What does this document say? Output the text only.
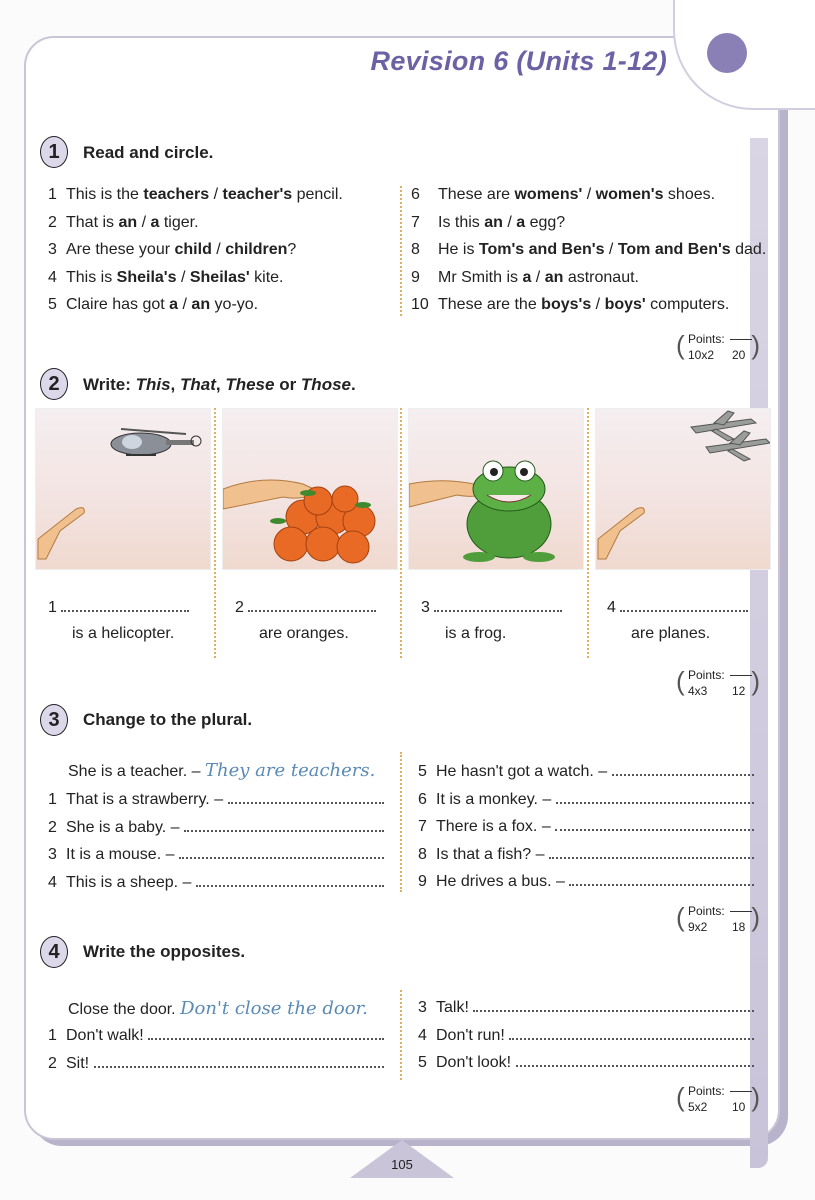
Revision 6 (Units 1-12)
1	Read and circle.
1 This is the teachers / teacher's pencil.
2 That is an / a tiger.
3 Are these your child / children?
4 This is Sheila's / Sheilas' kite.
5 Claire has got a / an yo-yo.
6 These are womens' / women's shoes.
7 Is this an / a egg?
8 He is Tom's and Ben's / Tom and Ben's dad.
9 Mr Smith is a / an astronaut.
10 These are the boys's / boys' computers.
(	)
Points:
10x2 20
2	Write: This, That, These or Those.
1
is a helicopter.
2
are oranges.
3
is a frog.
4
are planes.
(	)
Points:
4x3 12
3	Change to the plural.
She is a teacher. – They are teachers.
1 That is a strawberry. –
2 She is a baby. –
3 It is a mouse. –
4 This is a sheep. –
5 He hasn't got a watch. –
6 It is a monkey. –
7 There is a fox. –
8 Is that a fish? –
9 He drives a bus. –
(	)
Points:
9x2 18
4	Write the opposites.
Close the door. Don't close the door.
1 Don't walk!
2 Sit!
3 Talk!
4 Don't run!
5 Don't look!
(	)
Points:
5x2 10
105
